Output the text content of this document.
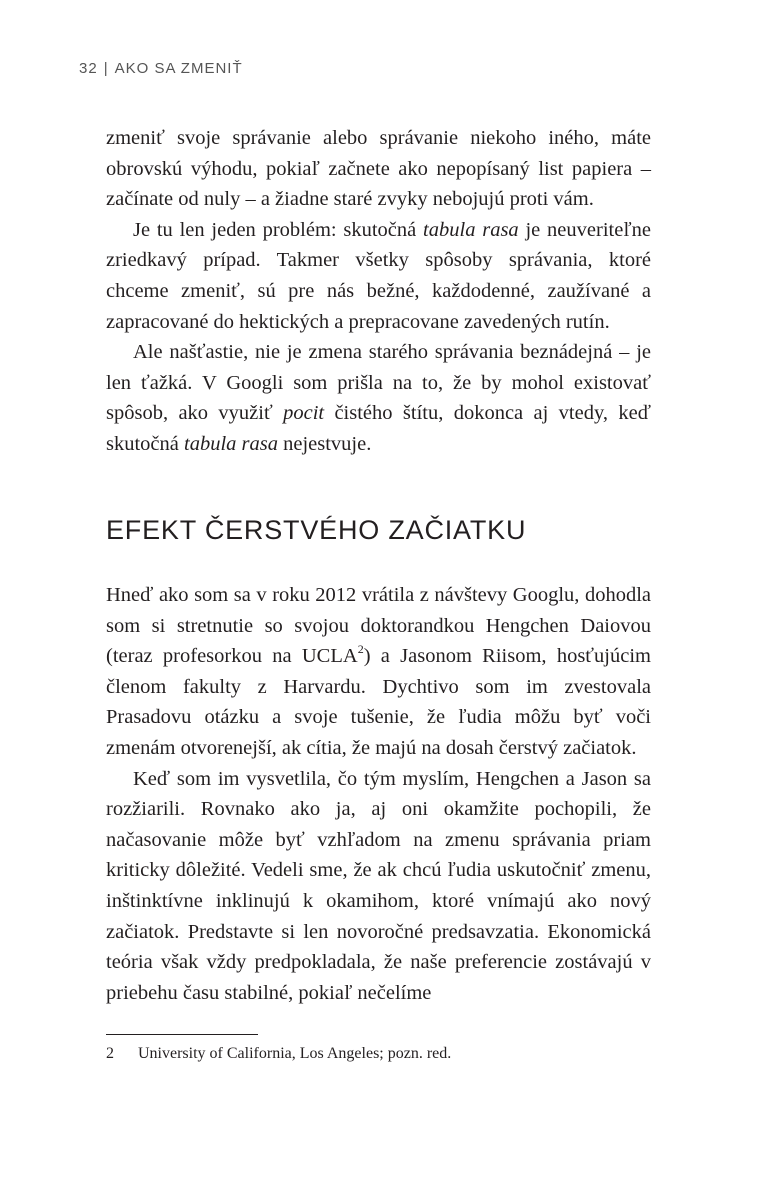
32 | AKO SA ZMENIŤ

zmeniť svoje správanie alebo správanie niekoho iného, máte obrovskú výhodu, pokiaľ začnete ako nepopísaný list papiera – začínate od nuly – a žiadne staré zvyky nebojujú proti vám.

Je tu len jeden problém: skutočná tabula rasa je neuveriteľne zriedkavý prípad. Takmer všetky spôsoby správania, ktoré chceme zmeniť, sú pre nás bežné, každodenné, zaužívané a zapracované do hektických a prepracovane zavedených rutín.

Ale našťastie, nie je zmena starého správania beznádejná – je len ťažká. V Googli som prišla na to, že by mohol existovať spôsob, ako využiť pocit čistého štítu, dokonca aj vtedy, keď skutočná tabula rasa nejestvuje.

EFEKT ČERSTVÉHO ZAČIATKU

Hneď ako som sa v roku 2012 vrátila z návštevy Googlu, dohodla som si stretnutie so svojou doktorandkou Hengchen Daiovou (teraz profesorkou na UCLA$^2$) a Jasonom Riisom, hosťujúcim členom fakulty z Harvardu. Dychtivo som im zvestovala Prasadovu otázku a svoje tušenie, že ľudia môžu byť voči zmenám otvorenejší, ak cítia, že majú na dosah čerstvý začiatok.

Keď som im vysvetlila, čo tým myslím, Hengchen a Jason sa rozžiarili. Rovnako ako ja, aj oni okamžite pochopili, že načasovanie môže byť vzhľadom na zmenu správania priam kriticky dôležité. Vedeli sme, že ak chcú ľudia uskutočniť zmenu, inštinktívne inklinujú k okamihom, ktoré vnímajú ako nový začiatok. Predstavte si len novoročné predsavzatia. Ekonomická teória však vždy predpokladala, že naše preferencie zostávajú v priebehu času stabilné, pokiaľ nečelíme

2 University of California, Los Angeles; pozn. red.
